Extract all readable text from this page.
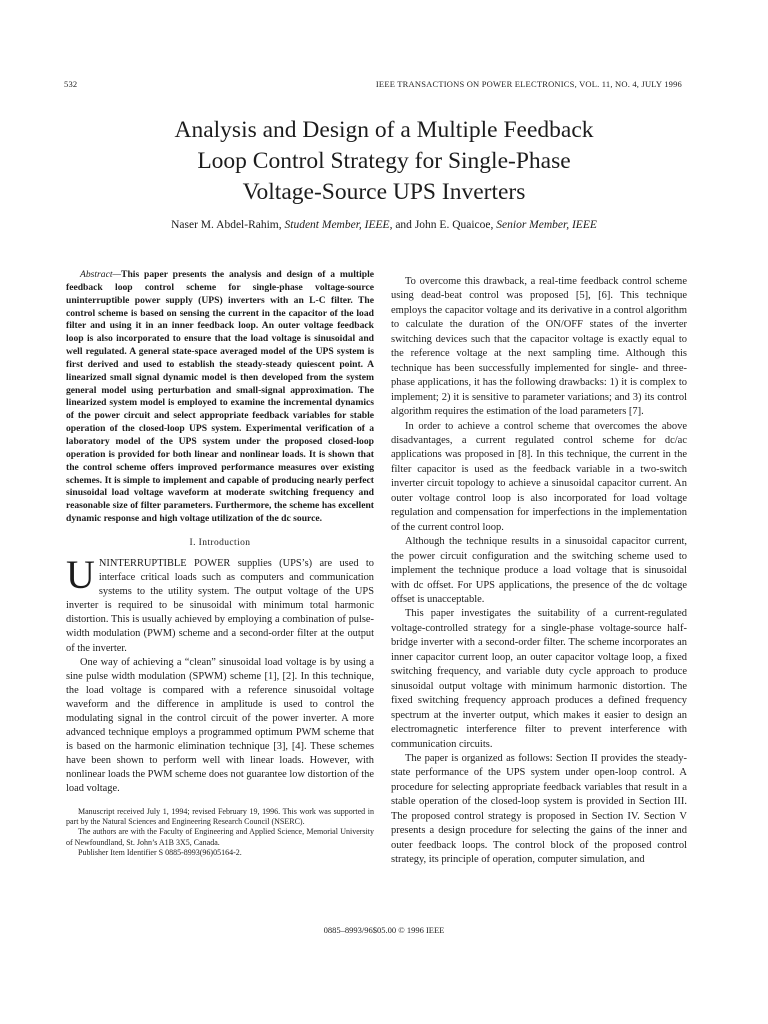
532	IEEE TRANSACTIONS ON POWER ELECTRONICS, VOL. 11, NO. 4, JULY 1996
Analysis and Design of a Multiple Feedback
Loop Control Strategy for Single-Phase
Voltage-Source UPS Inverters
Naser M. Abdel-Rahim, Student Member, IEEE, and John E. Quaicoe, Senior Member, IEEE

Abstract—This paper presents the analysis and design of a multiple feedback loop control scheme for single-phase voltage-source uninterruptible power supply (UPS) inverters with an L-C filter. The control scheme is based on sensing the current in the capacitor of the load filter and using it in an inner feedback loop. An outer voltage feedback loop is also incorporated to ensure that the load voltage is sinusoidal and well regulated. A general state-space averaged model of the UPS system is first derived and used to establish the steady-steady quiescent point. A linearized small signal dynamic model is then developed from the system general model using perturbation and small-signal approximation. The linearized system model is employed to examine the incremental dynamics of the power circuit and select appropriate feedback variables for stable operation of the closed-loop UPS system. Experimental verification of a laboratory model of the UPS system under the proposed closed-loop operation is provided for both linear and nonlinear loads. It is shown that the control scheme offers improved performance measures over existing schemes. It is simple to implement and capable of producing nearly perfect sinusoidal load voltage waveform at moderate switching frequency and reasonable size of filter parameters. Furthermore, the scheme has excellent dynamic response and high voltage utilization of the dc source.

I. Introduction

UNINTERRUPTIBLE POWER supplies (UPS’s) are used to interface critical loads such as computers and communication systems to the utility system. The output voltage of the UPS inverter is required to be sinusoidal with minimum total harmonic distortion. This is usually achieved by employing a combination of pulse-width modulation (PWM) scheme and a second-order filter at the output of the inverter.

One way of achieving a “clean” sinusoidal load voltage is by using a sine pulse width modulation (SPWM) scheme [1], [2]. In this technique, the load voltage is compared with a reference sinusoidal voltage waveform and the difference in amplitude is used to control the modulating signal in the control circuit of the power inverter. A more advanced technique employs a programmed optimum PWM scheme that is based on the harmonic elimination technique [3], [4]. These schemes have been shown to perform well with linear loads. However, with nonlinear loads the PWM scheme does not guarantee low distortion of the load voltage.

Manuscript received July 1, 1994; revised February 19, 1996. This work was supported in part by the Natural Sciences and Engineering Research Council (NSERC).

The authors are with the Faculty of Engineering and Applied Science, Memorial University of Newfoundland, St. John’s A1B 3X5, Canada.

Publisher Item Identifier S 0885-8993(96)05164-2.

To overcome this drawback, a real-time feedback control scheme using dead-beat control was proposed [5], [6]. This technique employs the capacitor voltage and its derivative in a control algorithm to calculate the duration of the ON/OFF states of the inverter switching devices such that the capacitor voltage is exactly equal to the reference voltage at the next sampling time. Although this technique has been successfully implemented for single- and three-phase applications, it has the following drawbacks: 1) it is complex to implement; 2) it is sensitive to parameter variations; and 3) its control algorithm requires the estimation of the load parameters [7].

In order to achieve a control scheme that overcomes the above disadvantages, a current regulated control scheme for dc/ac applications was proposed in [8]. In this technique, the current in the filter capacitor is used as the feedback variable in a two-switch inverter circuit topology to achieve a sinusoidal capacitor current. An outer voltage control loop is also incorporated for load voltage regulation and compensation for imperfections in the implementation of the current control loop.

Although the technique results in a sinusoidal capacitor current, the power circuit configuration and the switching scheme used to implement the technique produce a load voltage that is sinusoidal with dc offset. For UPS applications, the presence of the dc voltage offset is unacceptable.

This paper investigates the suitability of a current-regulated voltage-controlled strategy for a single-phase voltage-source half-bridge inverter with a second-order filter. The scheme incorporates an inner capacitor current loop, an outer capacitor voltage loop, a fixed switching frequency, and variable duty cycle approach to produce sinusoidal output voltage with minimum harmonic distortion. The fixed switching frequency approach produces a defined frequency spectrum at the inverter output, which makes it easier to design an electromagnetic interference filter to prevent interference with communication circuits.

The paper is organized as follows: Section II provides the steady-state performance of the UPS system under open-loop control. A procedure for selecting appropriate feedback variables that result in a stable operation of the closed-loop system is provided in Section III. The proposed control strategy is proposed in Section IV. Section V presents a design procedure for selecting the gains of the inner and outer feedback loops. The control block of the proposed control strategy, its principle of operation, computer simulation, and

0885–8993/96$05.00 © 1996 IEEE
